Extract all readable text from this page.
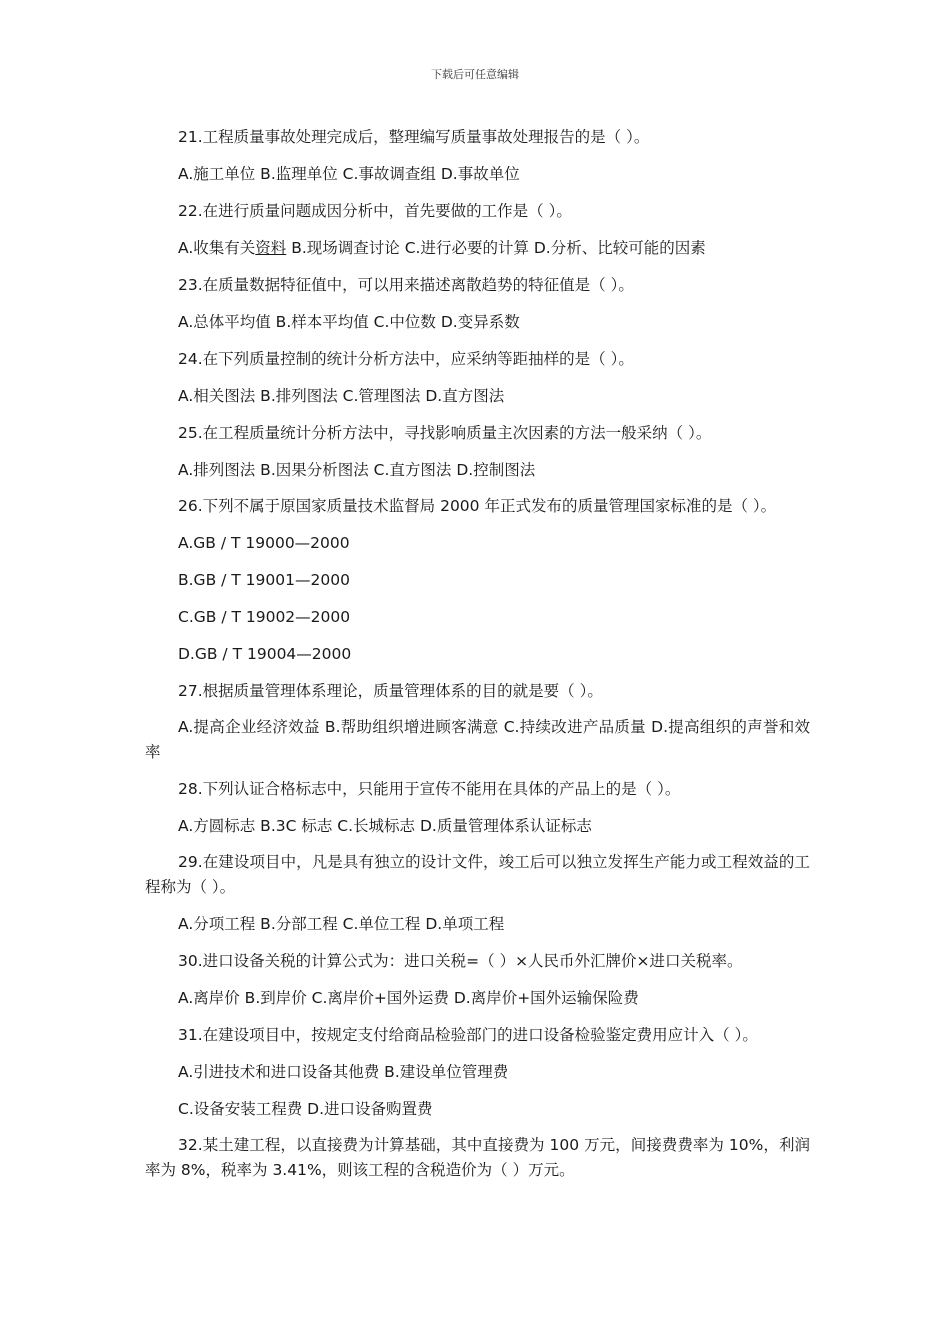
下载后可任意编辑
21.工程质量事故处理完成后，整理编写质量事故处理报告的是（ ）。
A.施工单位 B.监理单位 C.事故调查组 D.事故单位
22.在进行质量问题成因分析中，首先要做的工作是（ ）。
A.收集有关资料 B.现场调查讨论 C.进行必要的计算 D.分析、比较可能的因素
23.在质量数据特征值中，可以用来描述离散趋势的特征值是（ ）。
A.总体平均值 B.样本平均值 C.中位数 D.变异系数
24.在下列质量控制的统计分析方法中，应采纳等距抽样的是（ ）。
A.相关图法 B.排列图法 C.管理图法 D.直方图法
25.在工程质量统计分析方法中，寻找影响质量主次因素的方法一般采纳（ ）。
A.排列图法 B.因果分析图法 C.直方图法 D.控制图法
26.下列不属于原国家质量技术监督局 2000 年正式发布的质量管理国家标准的是（ ）。
A.GB / T 19000—2000
B.GB / T 19001—2000
C.GB / T 19002—2000
D.GB / T 19004—2000
27.根据质量管理体系理论，质量管理体系的目的就是要（ ）。
A.提高企业经济效益 B.帮助组织增进顾客满意 C.持续改进产品质量 D.提高组织的声誉和效率
28.下列认证合格标志中，只能用于宣传不能用在具体的产品上的是（ ）。
A.方圆标志 B.3C 标志 C.长城标志 D.质量管理体系认证标志
29.在建设项目中，凡是具有独立的设计文件，竣工后可以独立发挥生产能力或工程效益的工程称为（ ）。
A.分项工程 B.分部工程 C.单位工程 D.单项工程
30.进口设备关税的计算公式为：进口关税=（ ）×人民币外汇牌价×进口关税率。
A.离岸价 B.到岸价 C.离岸价+国外运费 D.离岸价+国外运输保险费
31.在建设项目中，按规定支付给商品检验部门的进口设备检验鉴定费用应计入（ ）。
A.引进技术和进口设备其他费 B.建设单位管理费
C.设备安装工程费 D.进口设备购置费
32.某土建工程，以直接费为计算基础，其中直接费为 100 万元，间接费费率为 10%，利润率为 8%，税率为 3.41%，则该工程的含税造价为（ ）万元。
